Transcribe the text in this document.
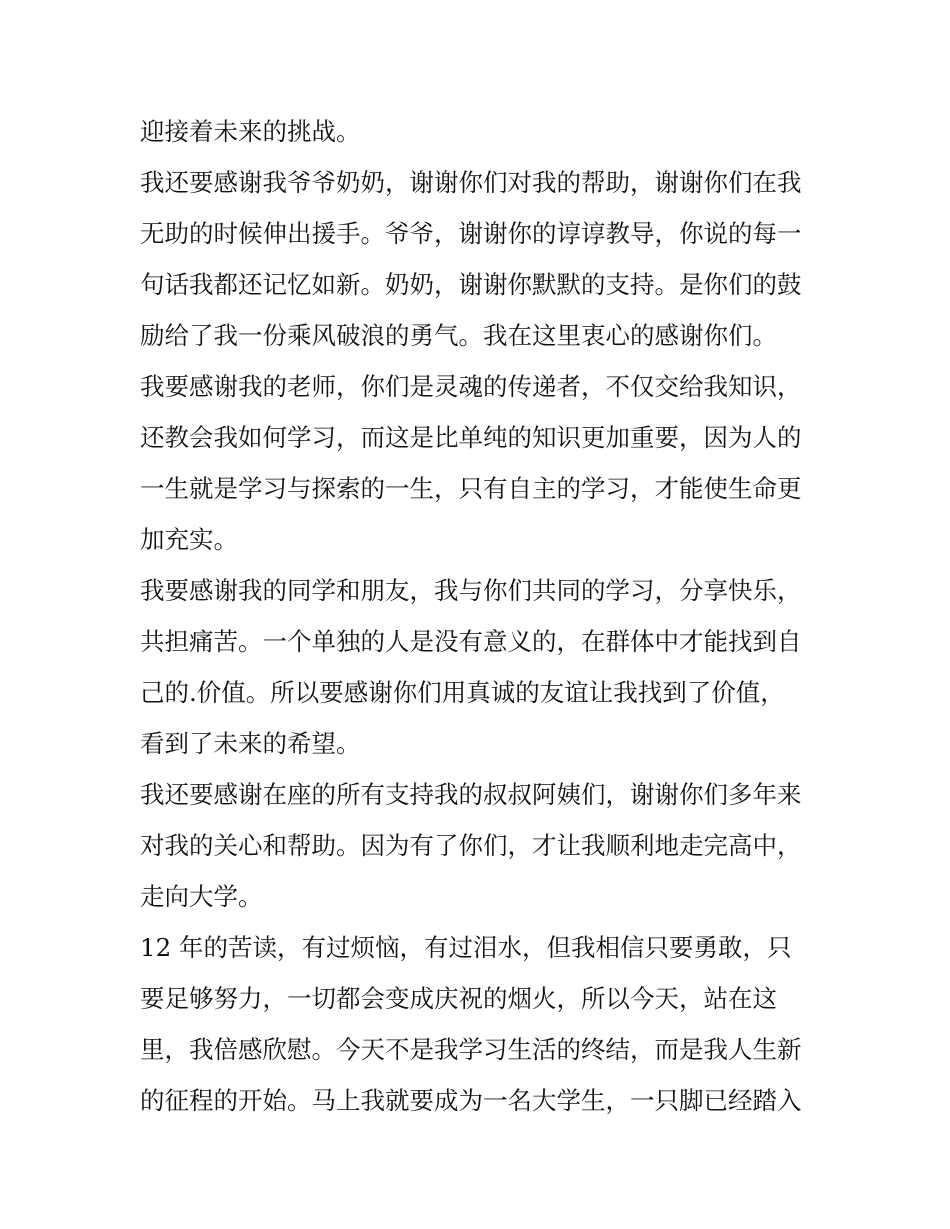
迎接着未来的挑战。
我还要感谢我爷爷奶奶，谢谢你们对我的帮助，谢谢你们在我
无助的时候伸出援手。爷爷，谢谢你的谆谆教导，你说的每一
句话我都还记忆如新。奶奶，谢谢你默默的支持。是你们的鼓
励给了我一份乘风破浪的勇气。我在这里衷心的感谢你们。
我要感谢我的老师，你们是灵魂的传递者，不仅交给我知识，
还教会我如何学习，而这是比单纯的知识更加重要，因为人的
一生就是学习与探索的一生，只有自主的学习，才能使生命更
加充实。
我要感谢我的同学和朋友，我与你们共同的学习，分享快乐，
共担痛苦。一个单独的人是没有意义的，在群体中才能找到自
己的.价值。所以要感谢你们用真诚的友谊让我找到了价值，
看到了未来的希望。
我还要感谢在座的所有支持我的叔叔阿姨们，谢谢你们多年来
对我的关心和帮助。因为有了你们，才让我顺利地走完高中，
走向大学。
12 年的苦读，有过烦恼，有过泪水，但我相信只要勇敢，只
要足够努力，一切都会变成庆祝的烟火，所以今天，站在这
里，我倍感欣慰。今天不是我学习生活的终结，而是我人生新
的征程的开始。马上我就要成为一名大学生，一只脚已经踏入
